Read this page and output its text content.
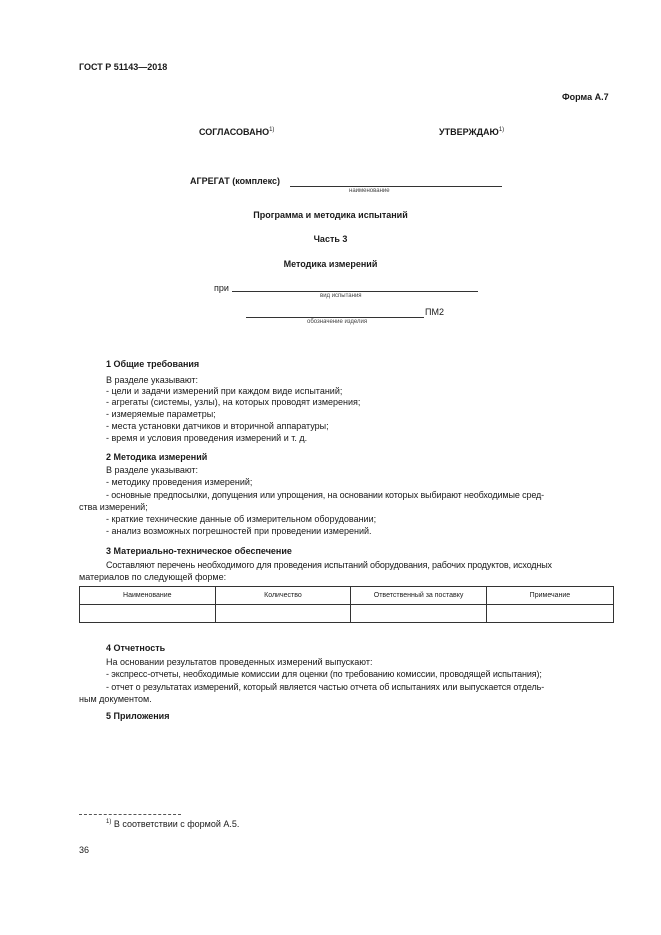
ГОСТ Р 51143—2018
Форма А.7
СОГЛАСОВАНО$^{1)}$	УТВЕРЖДАЮ$^{1)}$
АГРЕГАТ (комплекс)
наименование
Программа и методика испытаний
Часть 3
Методика измерений
при
вид испытания
ПМ2
обозначение изделия
1 Общие требования
В разделе указывают:
- цели и задачи измерений при каждом виде испытаний;
- агрегаты (системы, узлы), на которых проводят измерения;
- измеряемые параметры;
- места установки датчиков и вторичной аппаратуры;
- время и условия проведения измерений и т. д.
2 Методика измерений
В разделе указывают:
- методику проведения измерений;
- основные предпосылки, допущения или упрощения, на основании которых выбирают необходимые сред-
ства измерений;
- краткие технические данные об измерительном оборудовании;
- анализ возможных погрешностей при проведении измерений.
3 Материально-техническое обеспечение
Составляют перечень необходимого для проведения испытаний оборудования, рабочих продуктов, исходных
материалов по следующей форме:
Наименование	Количество	Ответственный за поставку	Примечание

4 Отчетность
На основании результатов проведенных измерений выпускают:
- экспресс-отчеты, необходимые комиссии для оценки (по требованию комиссии, проводящей испытания);
- отчет о результатах измерений, который является частью отчета об испытаниях или выпускается отдель-
ным документом.
5 Приложения
$^{1)}$ В соответствии с формой А.5.
36
